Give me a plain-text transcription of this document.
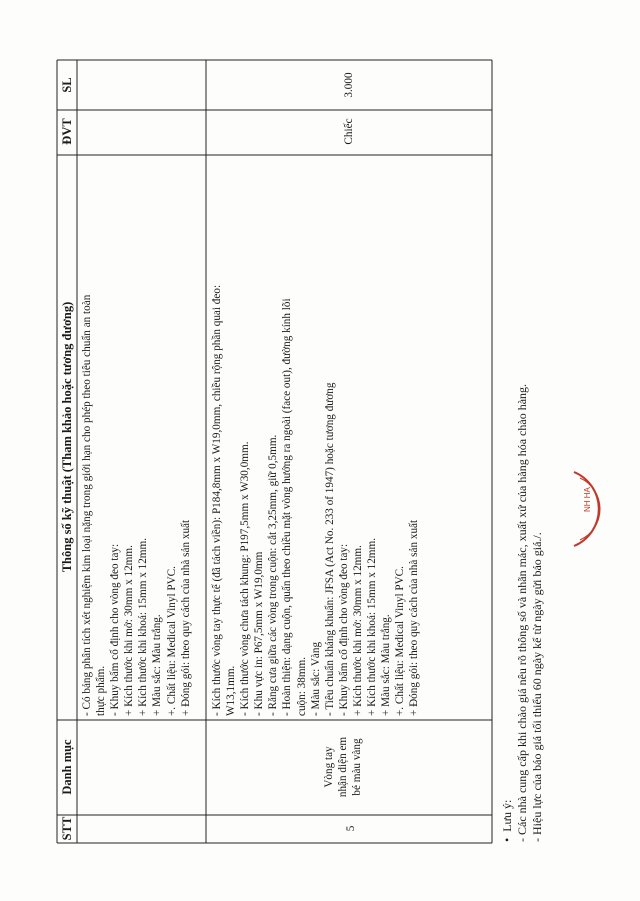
STT
Danh mục
Thông số kỹ thuật (Tham khảo hoặc tương đương)
ĐVT
SL
- Có bảng phân tích xét nghiệm kim loại nặng trong giới hạn cho phép theo tiêu chuẩn an toàn thực phẩm. - Khuy bấm cố định cho vòng đeo tay: + Kích thước khi mở: 30mm x 12mm. + Kích thước khi khoá: 15mm x 12mm. + Màu sắc: Màu trắng. +. Chất liệu: Medical Vinyl PVC. + Đóng gói: theo quy cách của nhà sản xuất
5
Vòng tay nhận diện em bé màu vàng
- Kích thước vòng tay thực tế (đã tách viền): P184,8mm x W19,0mm, chiều rộng phần quai đeo: W13,1mm. - Kích thước vòng chưa tách khung: P197,5mm x W30,0mm. - Khu vực in: P67,5mm x W19,0mm - Răng cưa giữa các vòng trong cuộn: cắt 3,25mm, giữ 0,5mm. - Hoàn thiện: dạng cuộn, quấn theo chiều mặt vòng hướng ra ngoài (face out), đường kính lõi cuộn: 38mm. - Màu sắc: Vàng - Tiêu chuẩn kháng khuẩn: JFSA (Act No. 233 of 1947) hoặc tương đương - Khuy bấm cố định cho vòng đeo tay: + Kích thước khi mở: 30mm x 12mm. + Kích thước khi khoá: 15mm x 12mm. + Màu sắc: Màu trắng. +. Chất liệu: Medical Vinyl PVC. + Đóng gói: theo quy cách của nhà sản xuất
Chiếc
3.000
•  Lưu ý: - Các nhà cung cấp khi chào giá nêu rõ thông số và nhãn mác, xuất xứ của hàng hóa chào hàng. - Hiệu lực của báo giá tối thiểu 60 ngày kể từ ngày gửi báo giá./.
NH HA
